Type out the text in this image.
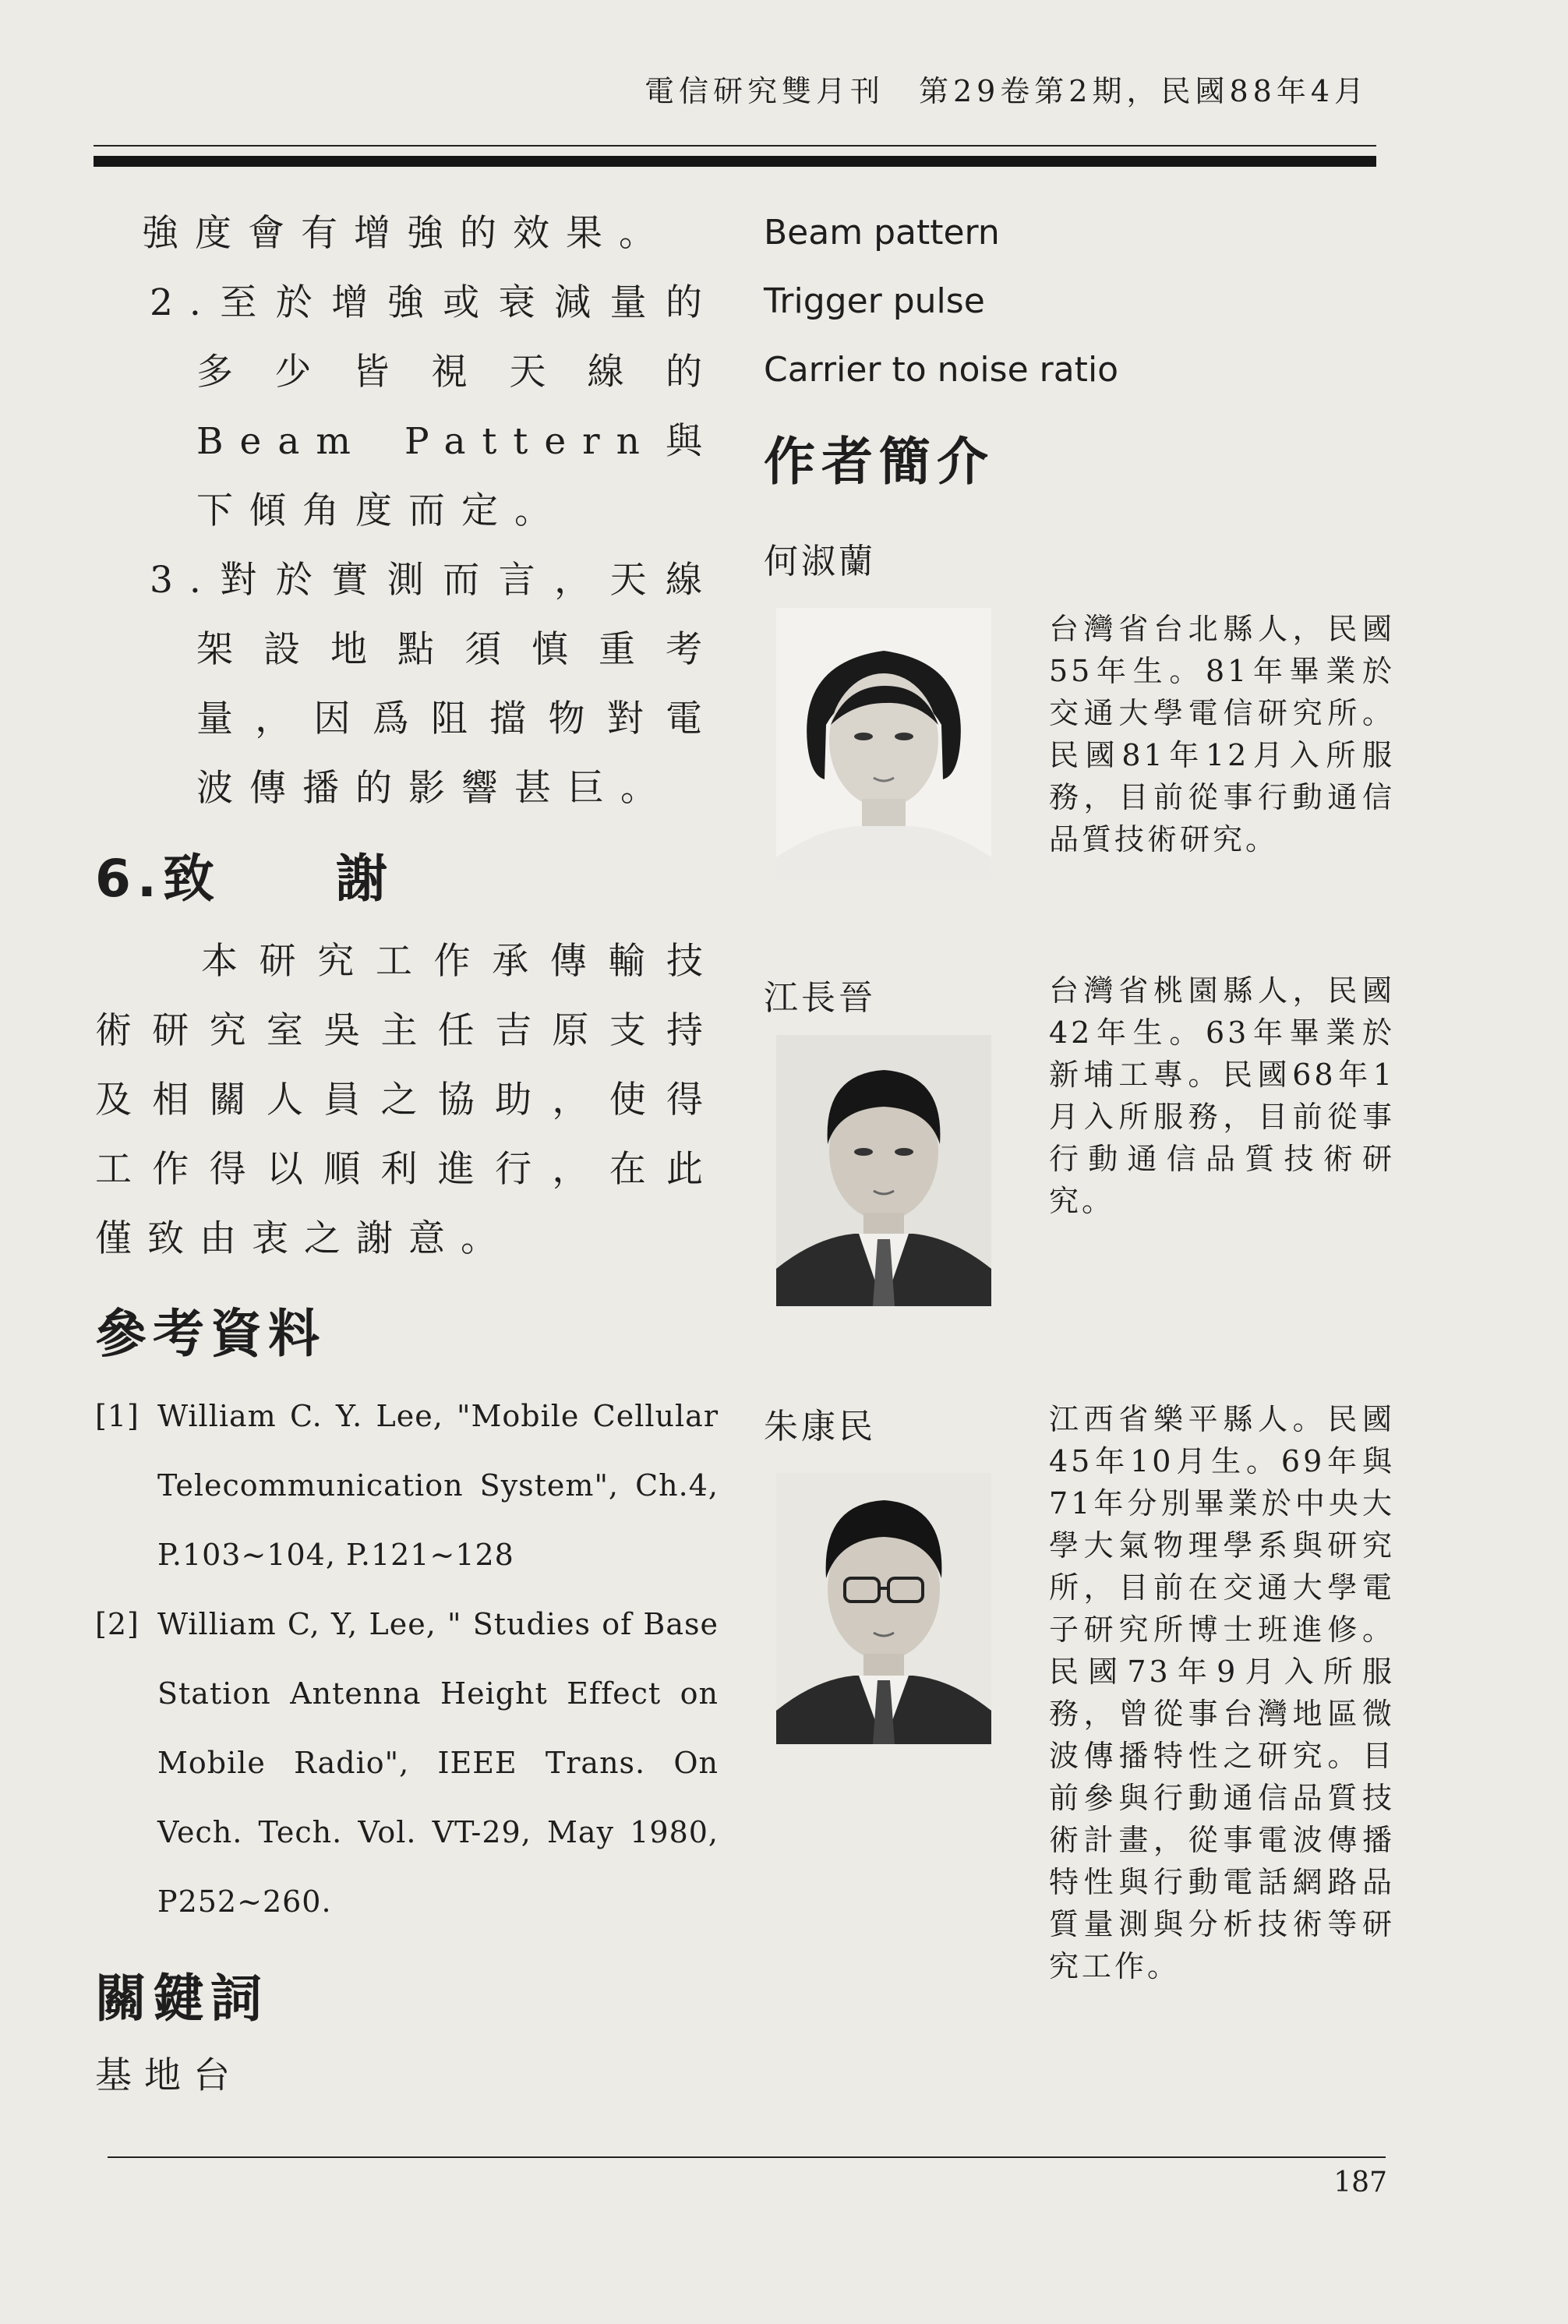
電信研究雙月刊　第29卷第2期，民國88年4月

強度會有增強的效果。

2.至於增強或衰減量的多少皆視天線的Beam Pattern與下傾角度而定。

3.對於實測而言，天線架設地點須慎重考量，因爲阻擋物對電波傳播的影響甚巨。

6.致　　謝

本研究工作承傳輸技術研究室吳主任吉原支持及相關人員之協助，使得工作得以順利進行，在此僅致由衷之謝意。

參考資料
[1] William C. Y. Lee, "Mobile Cellular Telecommunication System", Ch.4, P.103~104, P.121~128
[2] William C, Y, Lee, " Studies of Base Station Antenna Height Effect on Mobile Radio", IEEE Trans. On Vech. Tech. Vol. VT-29, May 1980, P252~260.
關鍵詞
基地台
Beam pattern
Trigger pulse
Carrier to noise ratio
作者簡介
何淑蘭

台灣省台北縣人，民國55年生。81年畢業於交通大學電信研究所。民國81年12月入所服務，目前從事行動通信品質技術研究。

江長晉	台灣省桃園縣人，民國42年生。63年畢業於新埔工專。民國68年1月入所服務，目前從事行動通信品質技術研究。

朱康民	江西省樂平縣人。民國45年10月生。69年與71年分別畢業於中央大學大氣物理學系與研究所，目前在交通大學電子研究所博士班進修。民國73年9月入所服務，曾從事台灣地區微波傳播特性之研究。目前參與行動通信品質技術計畫，從事電波傳播特性與行動電話網路品質量測與分析技術等研究工作。

187
